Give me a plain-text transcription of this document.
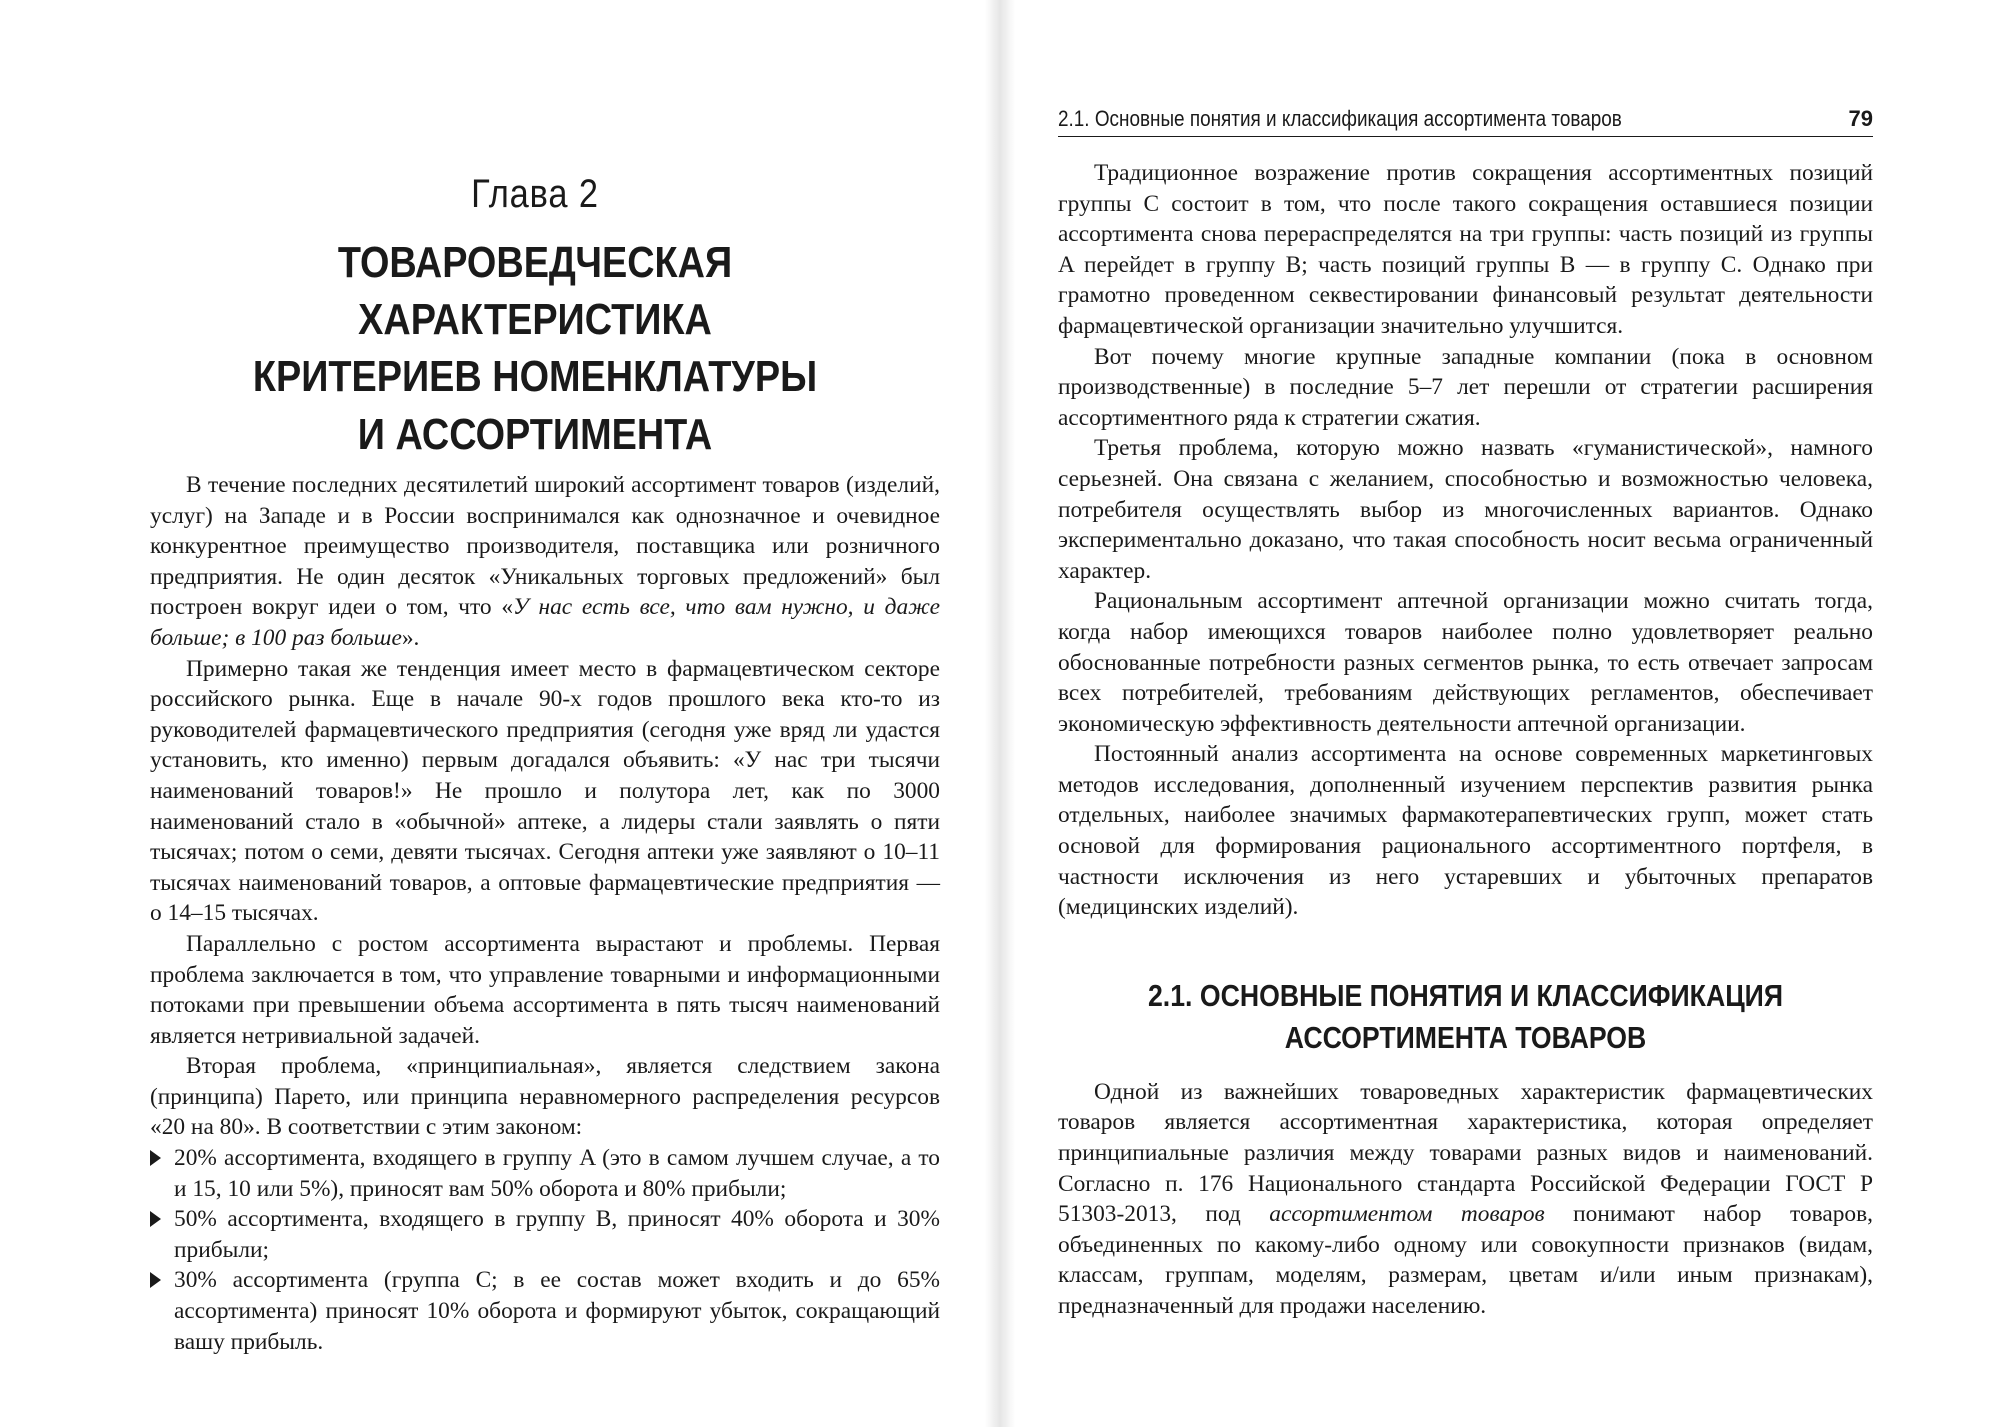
Глава 2
ТОВАРОВЕДЧЕСКАЯ ХАРАКТЕРИСТИКА
КРИТЕРИЕВ НОМЕНКЛАТУРЫ
И АССОРТИМЕНТА

В течение последних десятилетий широкий ассортимент товаров (изделий, услуг) на Западе и в России воспринимался как однозначное и очевидное конкурентное преимущество производителя, поставщика или розничного предприятия. Не один десяток «Уникальных торговых предложений» был построен вокруг идеи о том, что «У нас есть все, что вам нужно, и даже больше; в 100 раз больше».

Примерно такая же тенденция имеет место в фармацевтическом секторе российского рынка. Еще в начале 90-х годов прошлого века кто-то из руководителей фармацевтического предприятия (сегодня уже вряд ли удастся установить, кто именно) первым догадался объявить: «У нас три тысячи наименований товаров!» Не прошло и полутора лет, как по 3000 наименований стало в «обычной» аптеке, а лидеры стали заявлять о пяти тысячах; потом о семи, девяти тысячах. Сегодня аптеки уже заявляют о 10–11 тысячах наименований товаров, а оптовые фармацевтические предприятия — о 14–15 тысячах.

Параллельно с ростом ассортимента вырастают и проблемы. Первая проблема заключается в том, что управление товарными и информационными потоками при превышении объема ассортимента в пять тысяч наименований является нетривиальной задачей.

Вторая проблема, «принципиальная», является следствием закона (принципа) Парето, или принципа неравномерного распределения ресурсов «20 на 80». В соответствии с этим законом:

20% ассортимента, входящего в группу A (это в самом лучшем случае, а то и 15, 10 или 5%), приносят вам 50% оборота и 80% прибыли;
50% ассортимента, входящего в группу B, приносят 40% оборота и 30% прибыли;
30% ассортимента (группа C; в ее состав может входить и до 65% ассортимента) приносят 10% оборота и формируют убыток, сокращающий вашу прибыль.
2.1. Основные понятия и классификация ассортимента товаров	79

Традиционное возражение против сокращения ассортиментных позиций группы C состоит в том, что после такого сокращения оставшиеся позиции ассортимента снова перераспределятся на три группы: часть позиций из группы A перейдет в группу B; часть позиций группы B — в группу C. Однако при грамотно проведенном секвестировании финансовый результат деятельности фармацевтической организации значительно улучшится.

Вот почему многие крупные западные компании (пока в основном производственные) в последние 5–7 лет перешли от стратегии расширения ассортиментного ряда к стратегии сжатия.

Третья проблема, которую можно назвать «гуманистической», намного серьезней. Она связана с желанием, способностью и возможностью человека, потребителя осуществлять выбор из многочисленных вариантов. Однако экспериментально доказано, что такая способность носит весьма ограниченный характер.

Рациональным ассортимент аптечной организации можно считать тогда, когда набор имеющихся товаров наиболее полно удовлетворяет реально обоснованные потребности разных сегментов рынка, то есть отвечает запросам всех потребителей, требованиям действующих регламентов, обеспечивает экономическую эффективность деятельности аптечной организации.

Постоянный анализ ассортимента на основе современных маркетинговых методов исследования, дополненный изучением перспектив развития рынка отдельных, наиболее значимых фармакотерапевтических групп, может стать основой для формирования рационального ассортиментного портфеля, в частности исключения из него устаревших и убыточных препаратов (медицинских изделий).

2.1. ОСНОВНЫЕ ПОНЯТИЯ И КЛАССИФИКАЦИЯ
АССОРТИМЕНТА ТОВАРОВ

Одной из важнейших товароведных характеристик фармацевтических товаров является ассортиментная характеристика, которая определяет принципиальные различия между товарами разных видов и наименований. Согласно п. 176 Национального стандарта Российской Федерации ГОСТ Р 51303-2013, под ассортиментом товаров понимают набор товаров, объединенных по какому-либо одному или совокупности признаков (видам, классам, группам, моделям, размерам, цветам и/или иным признакам), предназначенный для продажи населению.
